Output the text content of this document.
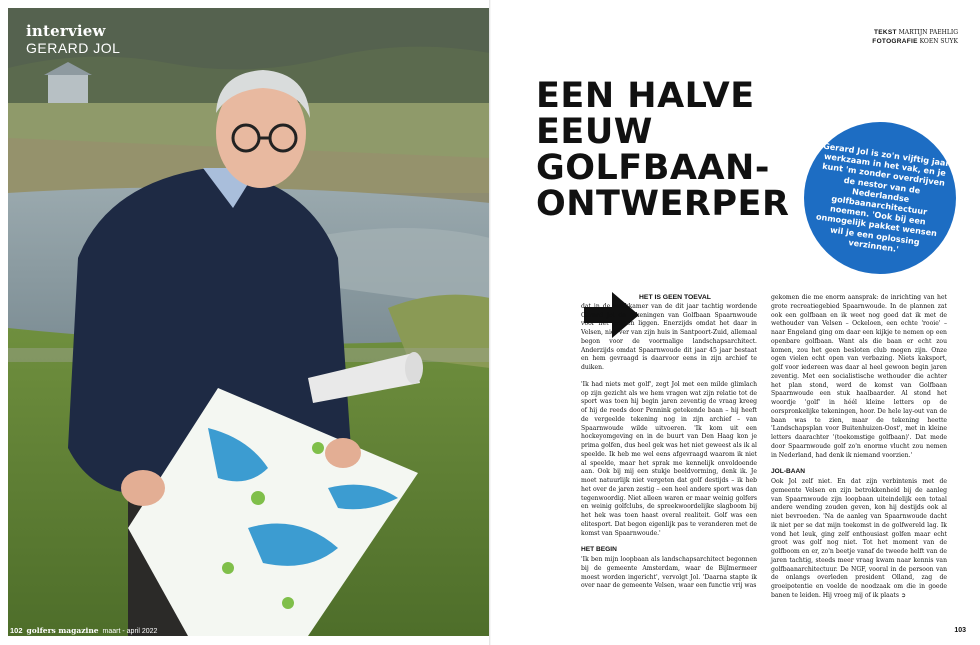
interview
GERARD JOL
102 golfers magazine maart - april 2022
TEKST MARTIJN PAEHLIG
FOTOGRAFIE KOEN SUYK
EEN HALVE EEUW
GOLFBAAN-
ONTWERPER
Gerard Jol is zo'n vijftig jaar werkzaam in het vak, en je kunt 'm zonder overdrijven de nestor van de Nederlandse golfbaanarchitectuur noemen. 'Ook bij een onmogelijk pakket wensen wil je een oplossing verzinnen.'

HET IS GEEN TOEVAL
dat in de werkkamer van de dit jaar tachtig wordende Gerard Jol de tekeningen van Golfbaan Spaarnwoude voor het grijpen liggen. Enerzijds omdat het daar in Velsen, niet ver van zijn huis in Santpoort-Zuid, allemaal begon voor de voormalige landschapsarchitect. Anderzijds omdat Spaarnwoude dit jaar 45 jaar bestaat en hem gevraagd is daarvoor eens in zijn archief te duiken.

'Ik had niets met golf', zegt Jol met een milde glimlach op zijn gezicht als we hem vragen wat zijn relatie tot de sport was toen hij begin jaren zeventig de vraag kreeg of hij de reeds door Pennink getekende baan – hij heeft de vergeelde tekening nog in zijn archief – van Spaarnwoude wilde uitvoeren. 'Ik kom uit een hockeyomgeving en in de buurt van Den Haag kon je prima golfen, dus heel gek was het niet geweest als ik al speelde. Ik heb me wel eens afgevraagd waarom ik niet al speelde, maar het sprak me kennelijk onvoldoende aan. Ook bij mij een stukje beeldvorming, denk ik. Je moet natuurlijk niet vergeten dat golf destijds – ik heb het over de jaren zestig – een heel andere sport was dan tegenwoordig. Niet alleen waren er maar weinig golfers en weinig golfclubs, de spreekwoordelijke slagboom bij het hek was toen haast overal realiteit. Golf was een elitesport. Dat begon eigenlijk pas te veranderen met de komst van Spaarnwoude.'

HET BEGIN

'Ik ben mijn loopbaan als landschapsarchitect begonnen bij de gemeente Amsterdam, waar de Bijlmermeer moest worden ingericht', vervolgt Jol. 'Daarna stapte ik over naar de gemeente Velsen, waar een functie vrij was

gekomen die me enorm aansprak: de inrichting van het grote recreatiegebied Spaarnwoude. In de plannen zat ook een golfbaan en ik weet nog goed dat ik met de wethouder van Velsen – Ockeloen, een echte 'rooie' – naar Engeland ging om daar een kijkje te nemen op een openbare golfbaan. Want als die baan er echt zou komen, zou het geen besloten club mogen zijn. Onze ogen vielen echt open van verbazing. Niets kaksport, golf voor iedereen was daar al heel gewoon begin jaren zeventig. Met een socialistische wethouder die achter het plan stond, werd de komst van Golfbaan Spaarnwoude een stuk haalbaarder. Al stond het woordje 'golf' in héél kleine letters op de oorspronkelijke tekeningen, hoor. De hele lay-out van de baan was te zien, maar de tekening heette 'Landschapsplan voor Buitenhuizen-Oost', met in kleine letters daarachter '(toekomstige golfbaan)'. Dat mede door Spaarnwoude golf zo'n enorme vlucht zou nemen in Nederland, had denk ik niemand voorzien.'

JOL-BAAN

Ook Jol zelf niet. En dat zijn verbintenis met de gemeente Velsen en zijn betrokkenheid bij de aanleg van Spaarnwoude zijn loopbaan uiteindelijk een totaal andere wending zouden geven, kon hij destijds ook al niet bevroeden. 'Na de aanleg van Spaarnwoude dacht ik niet per se dat mijn toekomst in de golfwereld lag. Ik vond het leuk, ging zelf enthousiast golfen maar echt groot was golf nog niet. Tot het moment van de golfboom en er, zo'n beetje vanaf de tweede helft van de jaren tachtig, steeds meer vraag kwam naar kennis van golfbaanarchitectuur. De NGF, vooral in de persoon van de onlangs overleden president Olland, zag de groeipotentie en voelde de noodzaak om die in goede banen te leiden. Hij vroeg mij of ik plaats ➲

103
